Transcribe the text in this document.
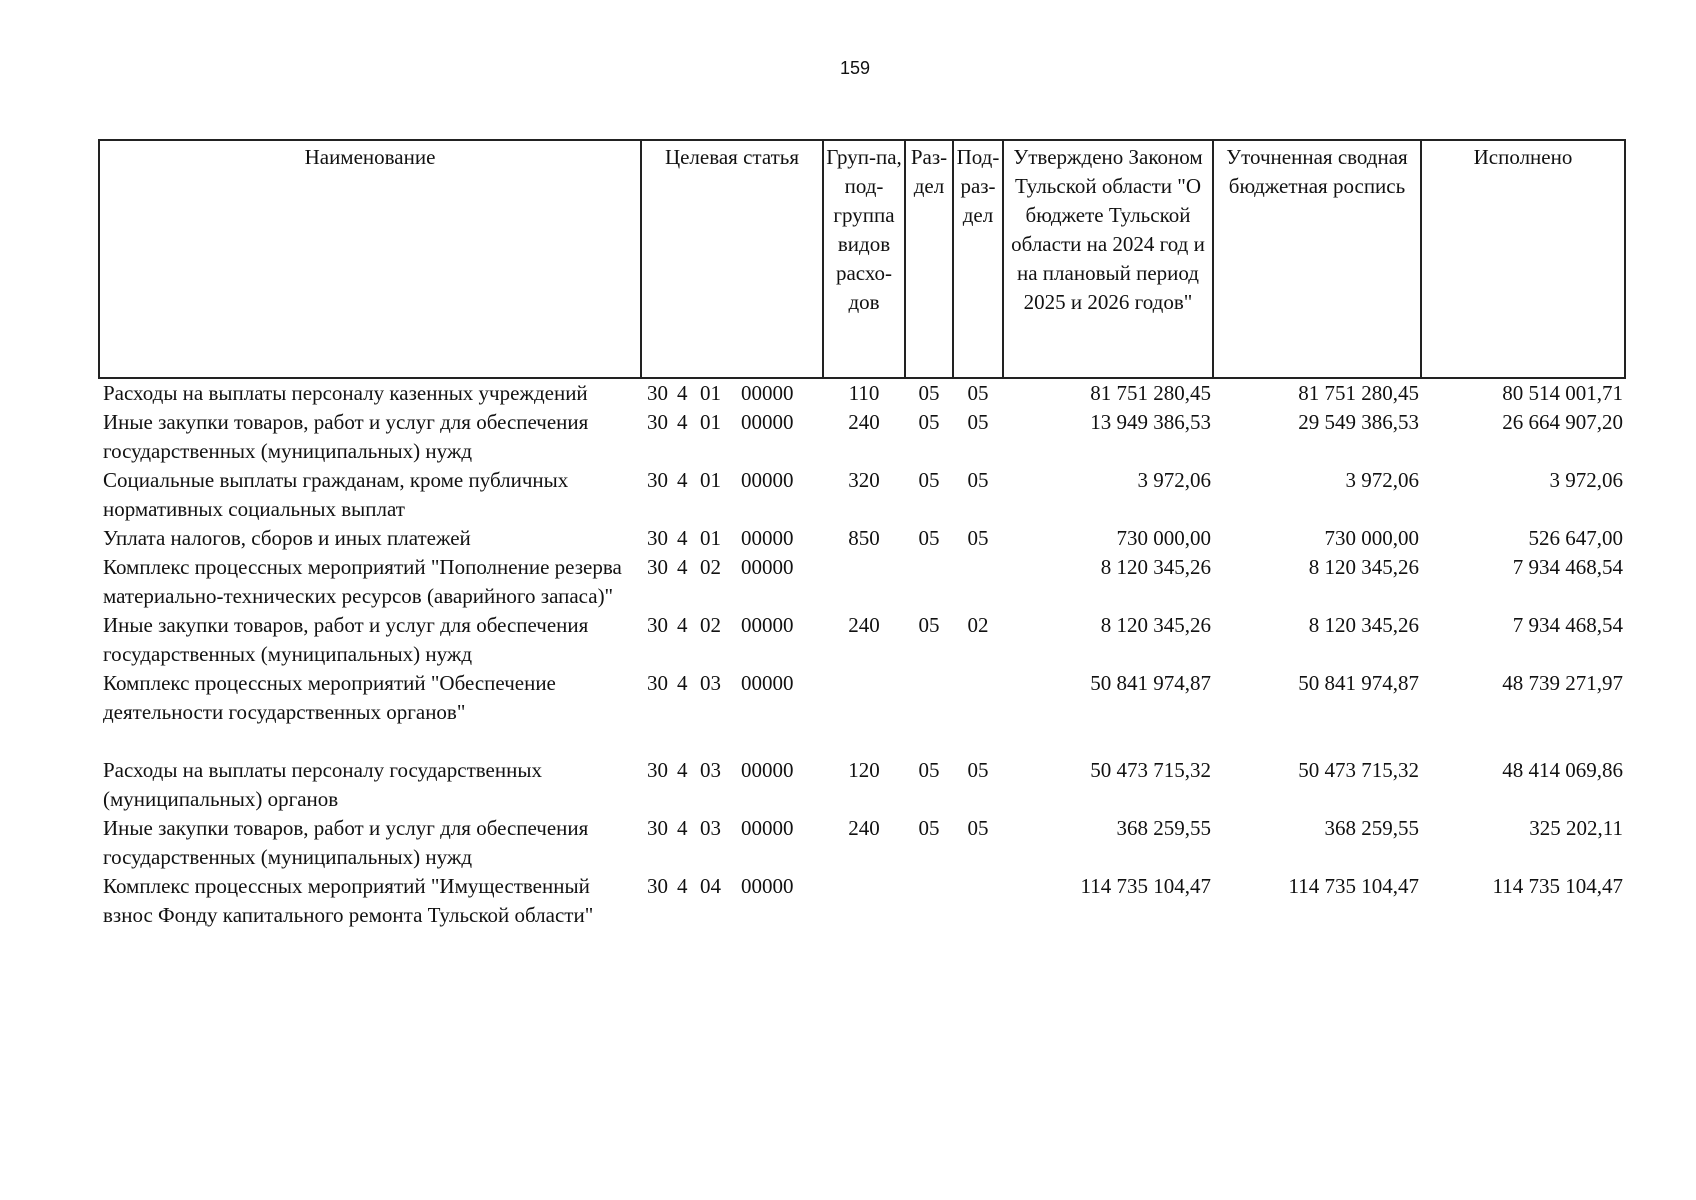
159
Наименование	Целевая статья	Груп-па, под-группа видов расхо-дов	Раз-дел	Под-раз-дел	Утверждено Законом Тульской области "О бюджете Тульской области на 2024 год и на плановый период 2025 и 2026 годов"	Уточненная сводная бюджетная роспись	Исполнено
Расходы на выплаты персоналу казенных учреждений	30 4 01 00000	110	05	05	81 751 280,45	81 751 280,45	80 514 001,71
Иные закупки товаров, работ и услуг для обеспечения государственных (муниципальных) нужд	30 4 01 00000	240	05	05	13 949 386,53	29 549 386,53	26 664 907,20
Социальные выплаты гражданам, кроме публичных нормативных социальных выплат	30 4 01 00000	320	05	05	3 972,06	3 972,06	3 972,06
Уплата налогов, сборов и иных платежей	30 4 01 00000	850	05	05	730 000,00	730 000,00	526 647,00
Комплекс процессных мероприятий "Пополнение резерва материально-технических ресурсов (аварийного запаса)"	30 4 02 00000				8 120 345,26	8 120 345,26	7 934 468,54
Иные закупки товаров, работ и услуг для обеспечения государственных (муниципальных) нужд	30 4 02 00000	240	05	02	8 120 345,26	8 120 345,26	7 934 468,54
Комплекс процессных мероприятий "Обеспечение деятельности государственных органов"	30 4 03 00000				50 841 974,87	50 841 974,87	48 739 271,97
Расходы на выплаты персоналу государственных (муниципальных) органов	30 4 03 00000	120	05	05	50 473 715,32	50 473 715,32	48 414 069,86
Иные закупки товаров, работ и услуг для обеспечения государственных (муниципальных) нужд	30 4 03 00000	240	05	05	368 259,55	368 259,55	325 202,11
Комплекс процессных мероприятий "Имущественный взнос Фонду капитального ремонта Тульской области"	30 4 04 00000				114 735 104,47	114 735 104,47	114 735 104,47
